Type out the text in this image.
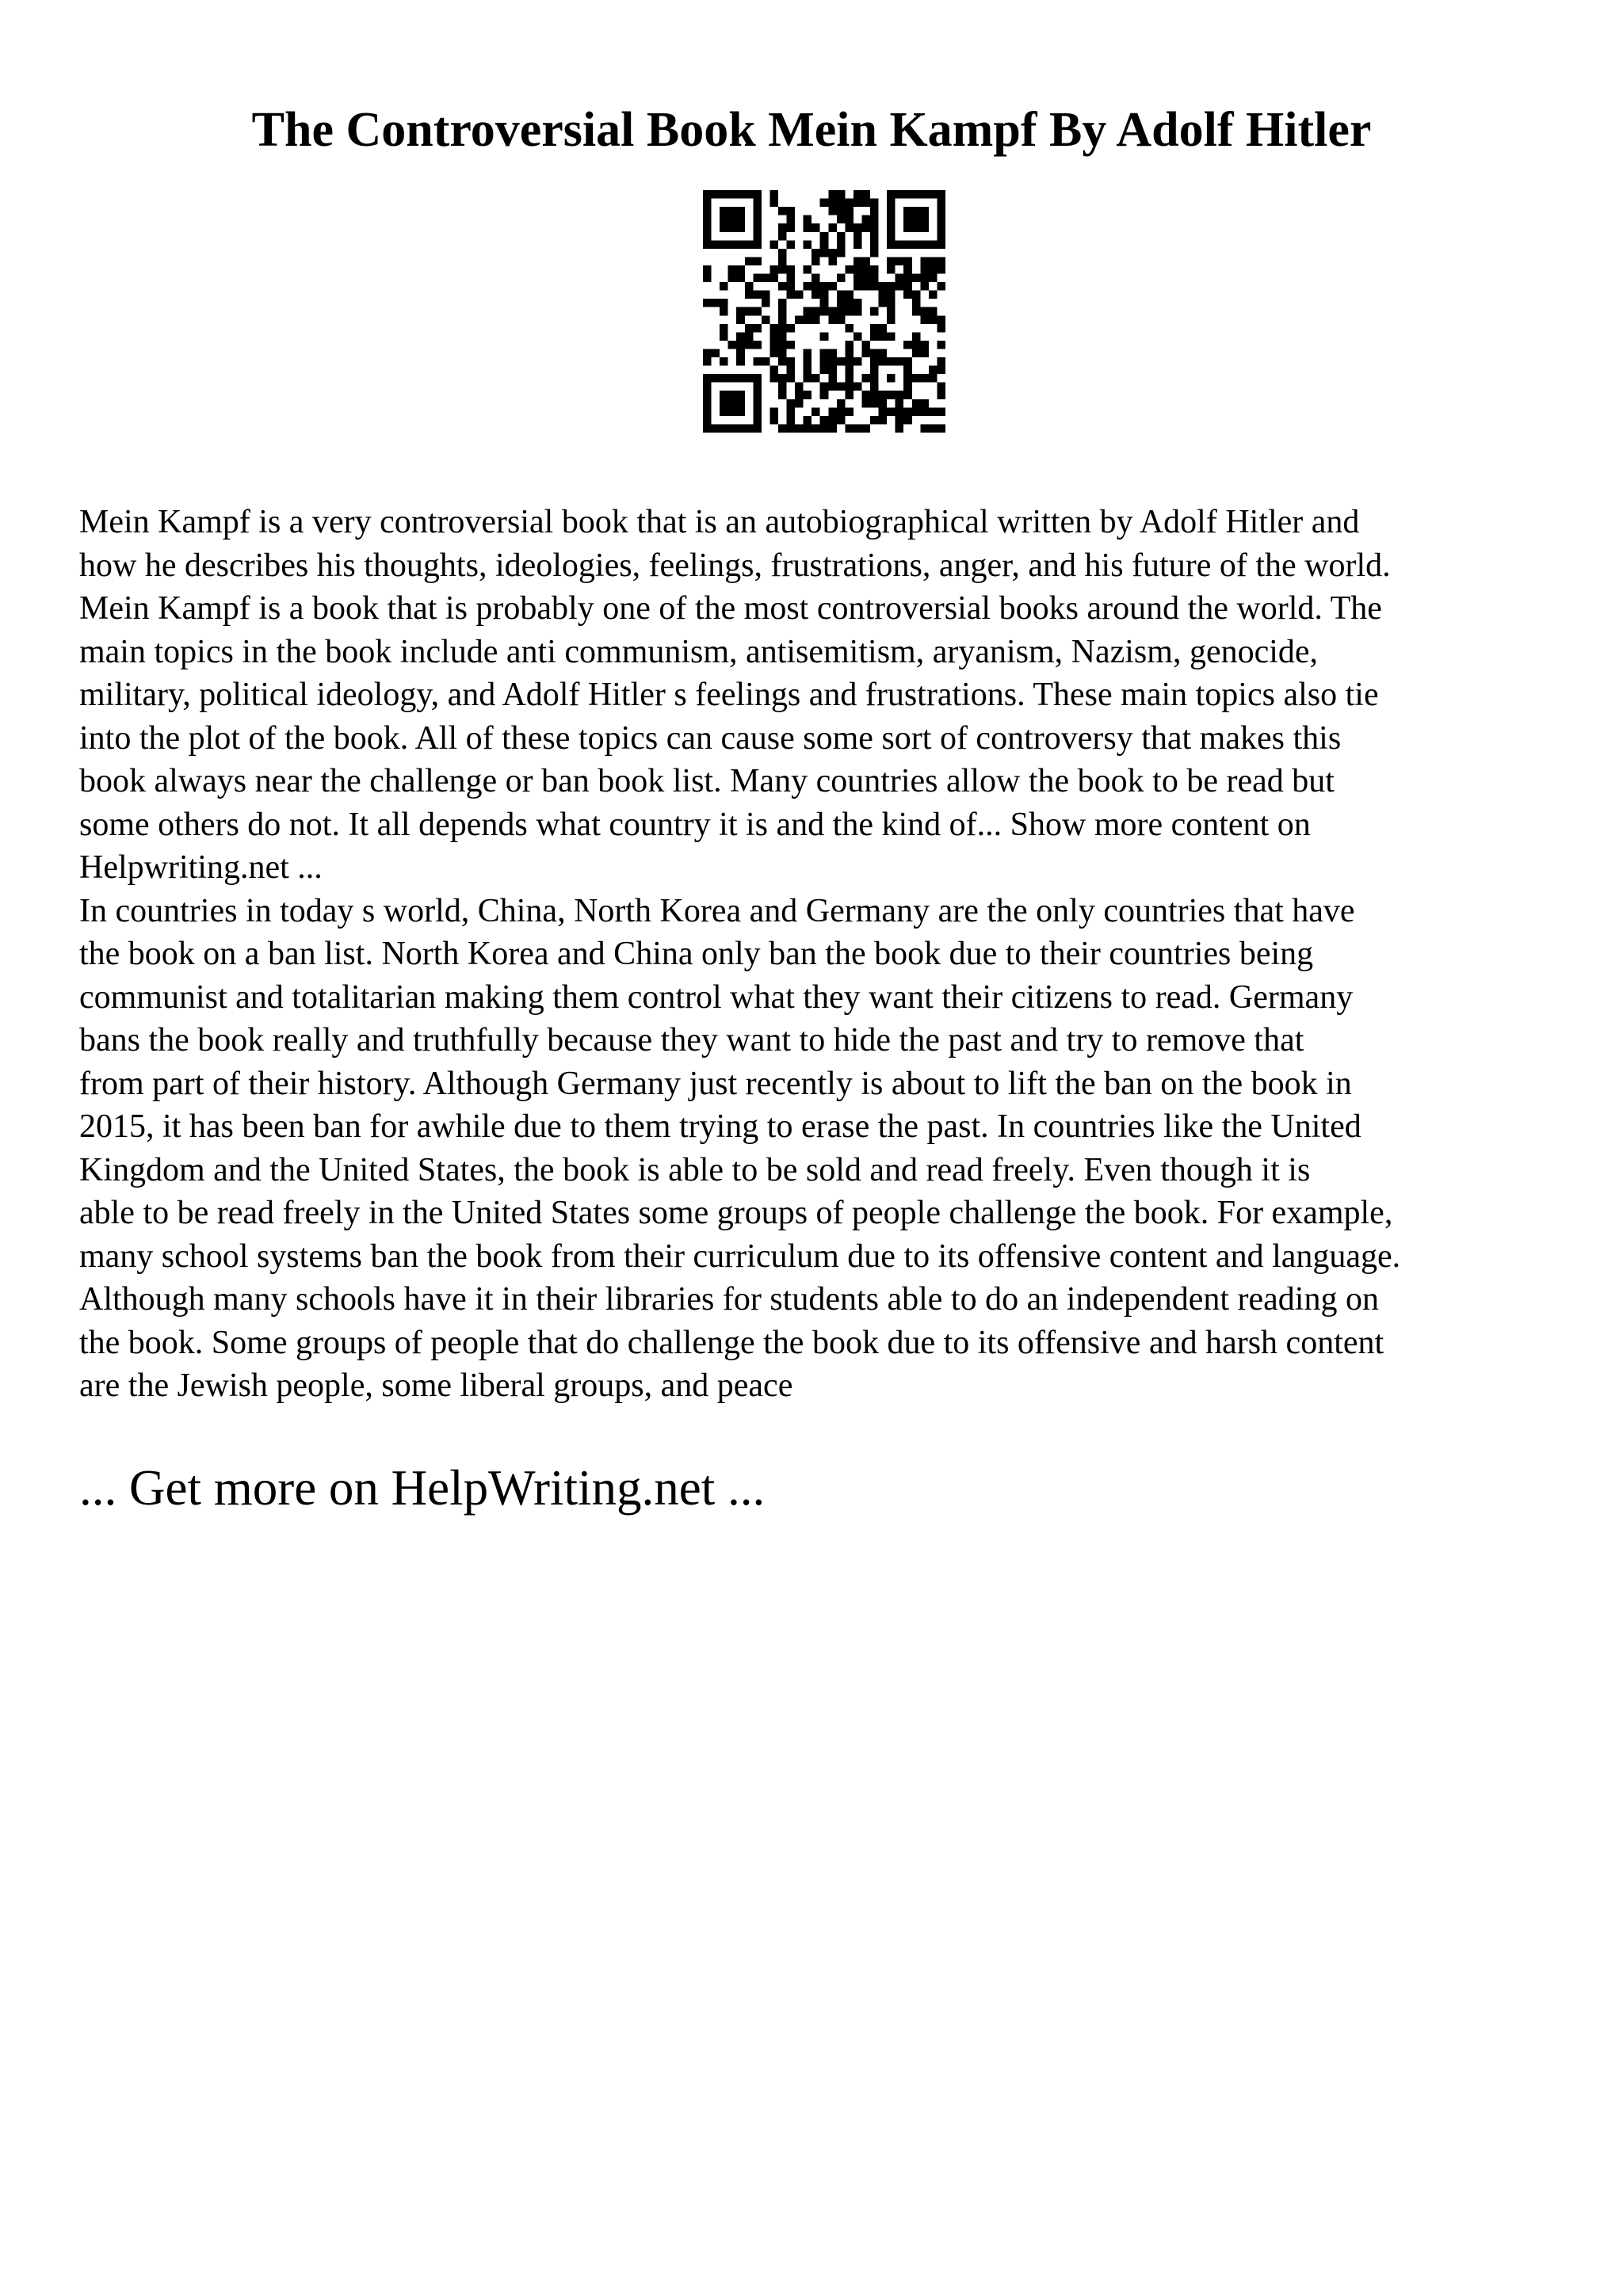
The Controversial Book Mein Kampf By Adolf Hitler
Mein Kampf is a very controversial book that is an autobiographical written by Adolf Hitler and
how he describes his thoughts, ideologies, feelings, frustrations, anger, and his future of the world.
Mein Kampf is a book that is probably one of the most controversial books around the world. The
main topics in the book include anti communism, antisemitism, aryanism, Nazism, genocide,
military, political ideology, and Adolf Hitler s feelings and frustrations. These main topics also tie
into the plot of the book. All of these topics can cause some sort of controversy that makes this
book always near the challenge or ban book list. Many countries allow the book to be read but
some others do not. It all depends what country it is and the kind of... Show more content on
Helpwriting.net ...
In countries in today s world, China, North Korea and Germany are the only countries that have
the book on a ban list. North Korea and China only ban the book due to their countries being
communist and totalitarian making them control what they want their citizens to read. Germany
bans the book really and truthfully because they want to hide the past and try to remove that
from part of their history. Although Germany just recently is about to lift the ban on the book in
2015, it has been ban for awhile due to them trying to erase the past. In countries like the United
Kingdom and the United States, the book is able to be sold and read freely. Even though it is
able to be read freely in the United States some groups of people challenge the book. For example,
many school systems ban the book from their curriculum due to its offensive content and language.
Although many schools have it in their libraries for students able to do an independent reading on
the book. Some groups of people that do challenge the book due to its offensive and harsh content
are the Jewish people, some liberal groups, and peace
... Get more on HelpWriting.net ...
